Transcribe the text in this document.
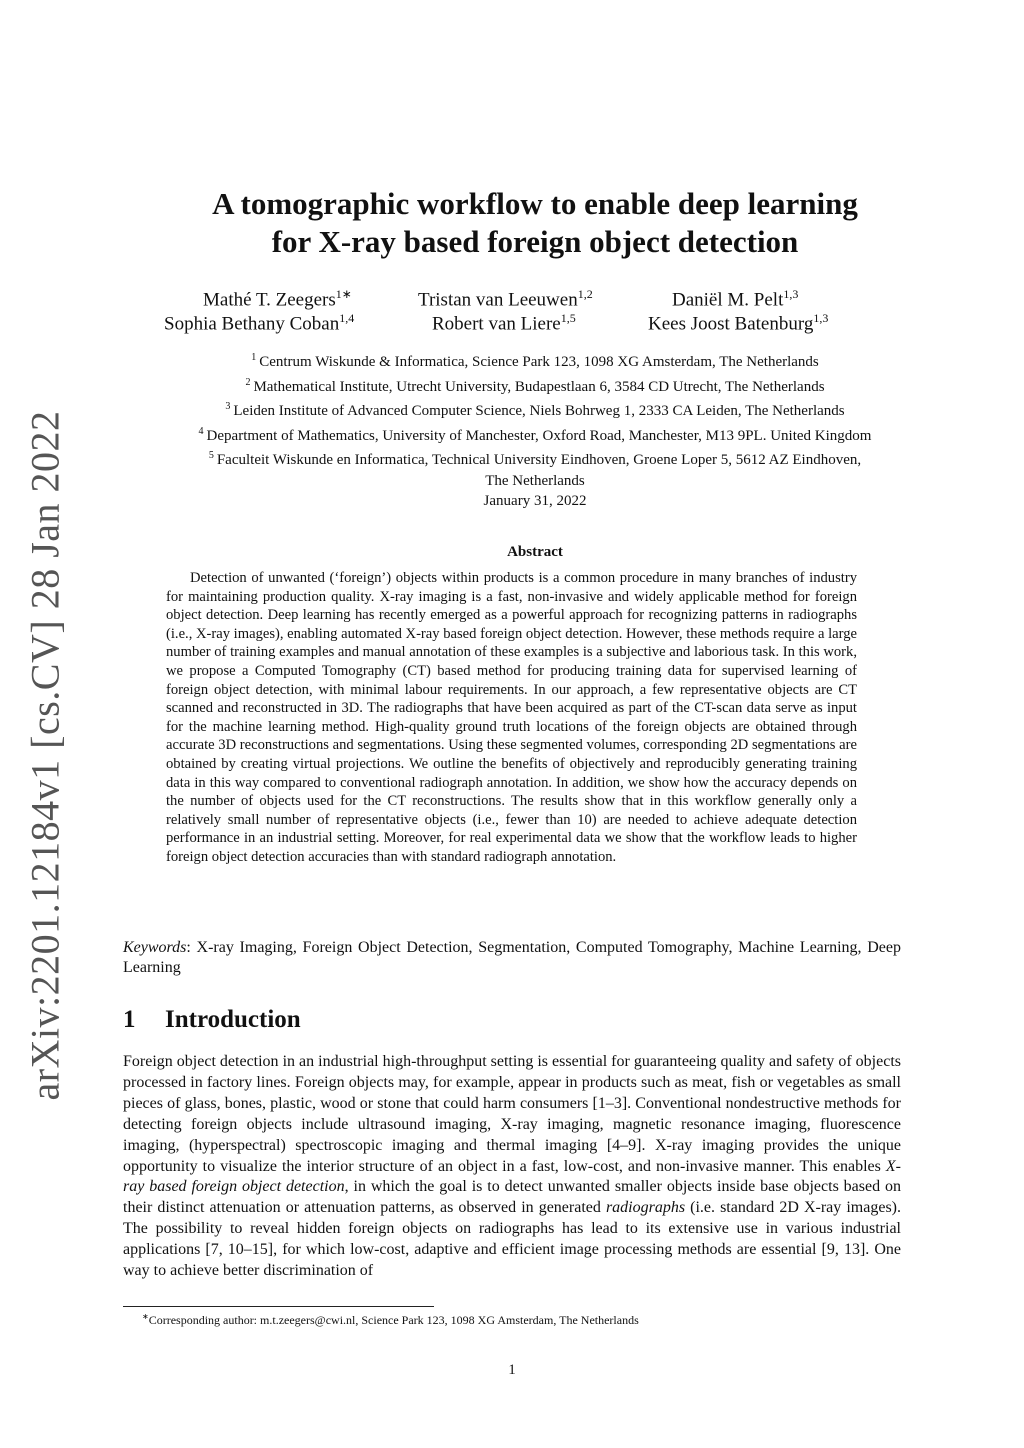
arXiv:2201.12184v1 [cs.CV] 28 Jan 2022
A tomographic workflow to enable deep learning
for X-ray based foreign object detection
Mathé T. Zeegers$^{1∗}$	Tristan van Leeuwen$^{1,2}$	Daniël M. Pelt$^{1,3}$
Sophia Bethany Coban$^{1,4}$	Robert van Liere$^{1,5}$	Kees Joost Batenburg$^{1,3}$
$^1$ Centrum Wiskunde & Informatica, Science Park 123, 1098 XG Amsterdam, The Netherlands
$^2$ Mathematical Institute, Utrecht University, Budapestlaan 6, 3584 CD Utrecht, The Netherlands
$^3$ Leiden Institute of Advanced Computer Science, Niels Bohrweg 1, 2333 CA Leiden, The Netherlands
$^4$ Department of Mathematics, University of Manchester, Oxford Road, Manchester, M13 9PL. United Kingdom
$^5$ Faculteit Wiskunde en Informatica, Technical University Eindhoven, Groene Loper 5, 5612 AZ Eindhoven,
The Netherlands
January 31, 2022
Abstract

Detection of unwanted (‘foreign’) objects within products is a common procedure in many branches of industry for maintaining production quality. X-ray imaging is a fast, non-invasive and widely applicable method for foreign object detection. Deep learning has recently emerged as a powerful approach for recognizing patterns in radiographs (i.e., X-ray images), enabling automated X-ray based foreign object detection. However, these methods require a large number of training examples and manual annotation of these examples is a subjective and laborious task. In this work, we propose a Computed Tomography (CT) based method for producing training data for supervised learning of foreign object detection, with minimal labour requirements. In our approach, a few representative objects are CT scanned and reconstructed in 3D. The radiographs that have been acquired as part of the CT-scan data serve as input for the machine learning method. High-quality ground truth locations of the foreign objects are obtained through accurate 3D reconstructions and segmentations. Using these segmented volumes, corresponding 2D segmentations are obtained by creating virtual projections. We outline the benefits of objectively and reproducibly generating training data in this way compared to conventional radiograph annotation. In addition, we show how the accuracy depends on the number of objects used for the CT reconstructions. The results show that in this workflow generally only a relatively small number of representative objects (i.e., fewer than 10) are needed to achieve adequate detection performance in an industrial setting. Moreover, for real experimental data we show that the workflow leads to higher foreign object detection accuracies than with standard radiograph annotation.

Keywords: X-ray Imaging, Foreign Object Detection, Segmentation, Computed Tomography, Machine Learning, Deep Learning
1 Introduction

Foreign object detection in an industrial high-throughput setting is essential for guaranteeing quality and safety of objects processed in factory lines. Foreign objects may, for example, appear in products such as meat, fish or vegetables as small pieces of glass, bones, plastic, wood or stone that could harm consumers [1–3]. Conventional nondestructive methods for detecting foreign objects include ultrasound imaging, X-ray imaging, magnetic resonance imaging, fluorescence imaging, (hyperspectral) spectroscopic imaging and thermal imaging [4–9]. X-ray imaging provides the unique opportunity to visualize the interior structure of an object in a fast, low-cost, and non-invasive manner. This enables X-ray based foreign object detection, in which the goal is to detect unwanted smaller objects inside base objects based on their distinct attenuation or attenuation patterns, as observed in generated radiographs (i.e. standard 2D X-ray images). The possibility to reveal hidden foreign objects on radiographs has lead to its extensive use in various industrial applications [7, 10–15], for which low-cost, adaptive and efficient image processing methods are essential [9, 13]. One way to achieve better discrimination of

∗Corresponding author: m.t.zeegers@cwi.nl, Science Park 123, 1098 XG Amsterdam, The Netherlands
1
